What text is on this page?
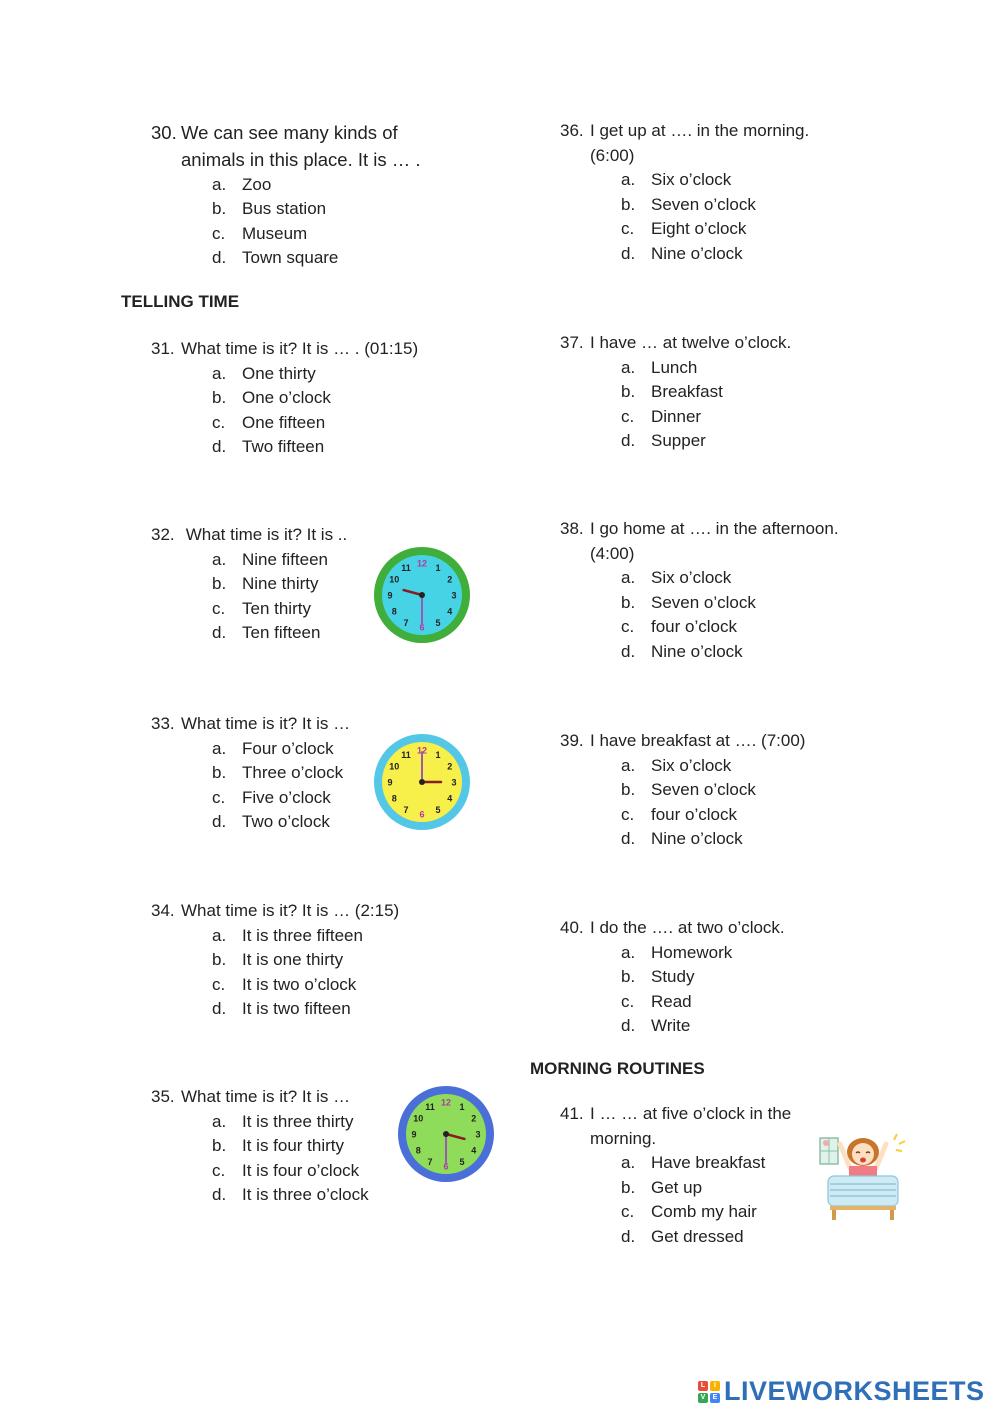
TELLING TIME
MORNING ROUTINES
30. We can see many kinds of
animals in this place. It is … .
a. Zoo
b. Bus station
c. Museum
d. Town square
31. What time is it? It is … . (01:15)
a. One thirty
b. One o’clock
c. One fifteen
d. Two fifteen
32. What time is it? It is ..
a. Nine fifteen
b. Nine thirty
c. Ten thirty
d. Ten fifteen
33. What time is it? It is …
a. Four o’clock
b. Three o’clock
c. Five o’clock
d. Two o’clock
34. What time is it? It is … (2:15)
a. It is three fifteen
b. It is one thirty
c. It is two o’clock
d. It is two fifteen
35. What time is it? It is …
a. It is three thirty
b. It is four thirty
c. It is four o’clock
d. It is three o’clock
36. I get up at …. in the morning.
(6:00)
a. Six o’clock
b. Seven o’clock
c. Eight o’clock
d. Nine o’clock
37. I have … at twelve o’clock.
a. Lunch
b. Breakfast
c. Dinner
d. Supper
38. I go home at …. in the afternoon.
(4:00)
a. Six o’clock
b. Seven o’clock
c. four o’clock
d. Nine o’clock
39. I have breakfast at …. (7:00)
a. Six o’clock
b. Seven o’clock
c. four o’clock
d. Nine o’clock
40. I do the …. at two o’clock.
a. Homework
b. Study
c. Read
d. Write
41. I … … at five o’clock in the
morning.
a. Have breakfast
b. Get up
c. Comb my hair
d. Get dressed
12 1
2
3
4
5
6
7
8
9
10
11
12 1
2
3
4
5
6
7
8
9
10
11
12 1
2
3
4
5
6
7
8
9
10
11
L	I
V	E LIVEWORKSHEETS
